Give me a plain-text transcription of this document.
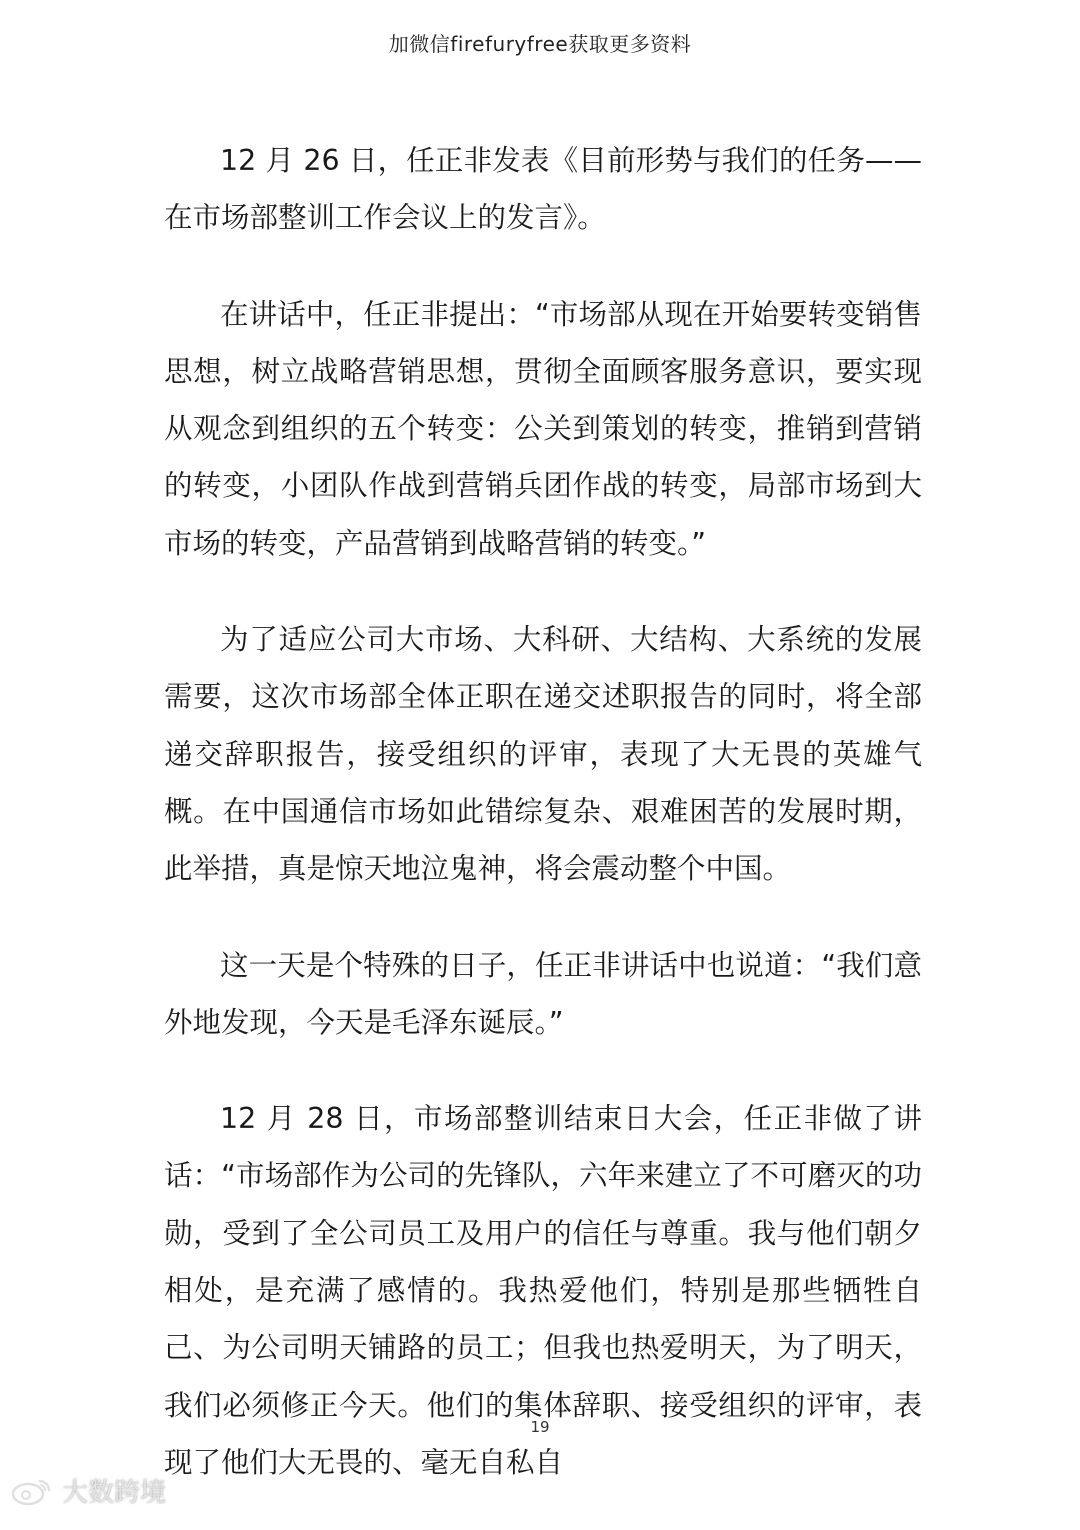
加微信firefuryfree获取更多资料

12 月 26 日，任正非发表《目前形势与我们的任务——在市场部整训工作会议上的发言》。

在讲话中，任正非提出：“市场部从现在开始要转变销售思想，树立战略营销思想，贯彻全面顾客服务意识，要实现从观念到组织的五个转变：公关到策划的转变，推销到营销的转变，小团队作战到营销兵团作战的转变，局部市场到大市场的转变，产品营销到战略营销的转变。”

为了适应公司大市场、大科研、大结构、大系统的发展需要，这次市场部全体正职在递交述职报告的同时，将全部递交辞职报告，接受组织的评审，表现了大无畏的英雄气概。在中国通信市场如此错综复杂、艰难困苦的发展时期，此举措，真是惊天地泣鬼神，将会震动整个中国。

这一天是个特殊的日子，任正非讲话中也说道：“我们意外地发现，今天是毛泽东诞辰。”

12 月 28 日，市场部整训结束日大会，任正非做了讲话：“市场部作为公司的先锋队，六年来建立了不可磨灭的功勋，受到了全公司员工及用户的信任与尊重。我与他们朝夕相处，是充满了感情的。我热爱他们，特别是那些牺牲自己、为公司明天铺路的员工；但我也热爱明天，为了明天，我们必须修正今天。他们的集体辞职、接受组织的评审，表现了他们大无畏的、毫无自私自

19
大数跨境
